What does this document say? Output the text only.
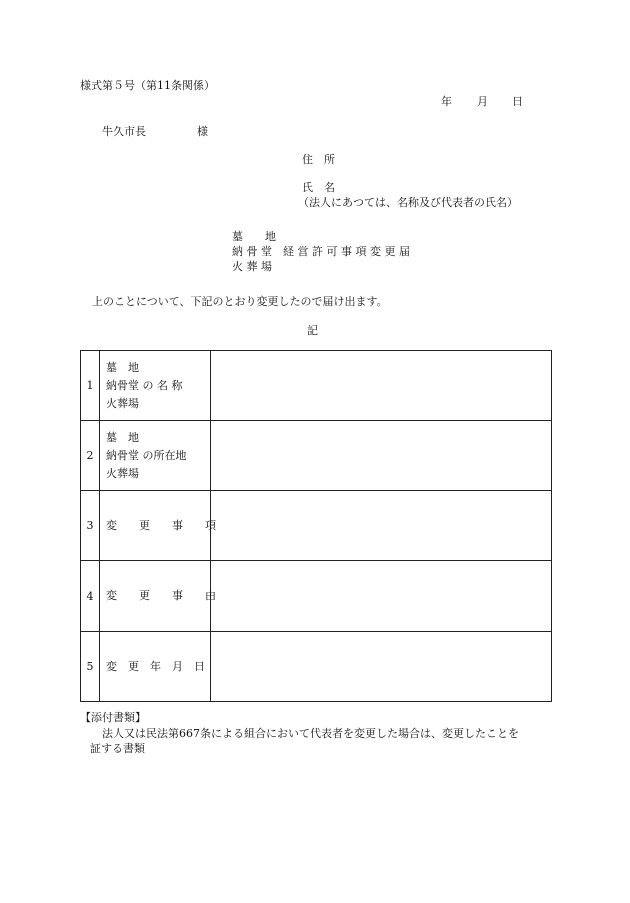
様式第５号（第11条関係）
年 月 日
牛久市長	様
住　所
氏　名
（法人にあつては、名称及び代表者の氏名）
墓　　地
納 骨 堂　経 営 許 可 事 項 変 更 届
火 葬 場
上のことについて、下記のとおり変更したので届け出ます。
記
1	墓　地
納骨堂 の 名 称
火葬場	

2	墓　地
納骨堂 の所在地
火葬場	

3	変　　更　　事　　項	

4	変　　更　　事　　由	

5	変　更　年　月　日	

【添付書類】
法人又は民法第667条による組合において代表者を変更した場合は、変更したことを
証する書類
